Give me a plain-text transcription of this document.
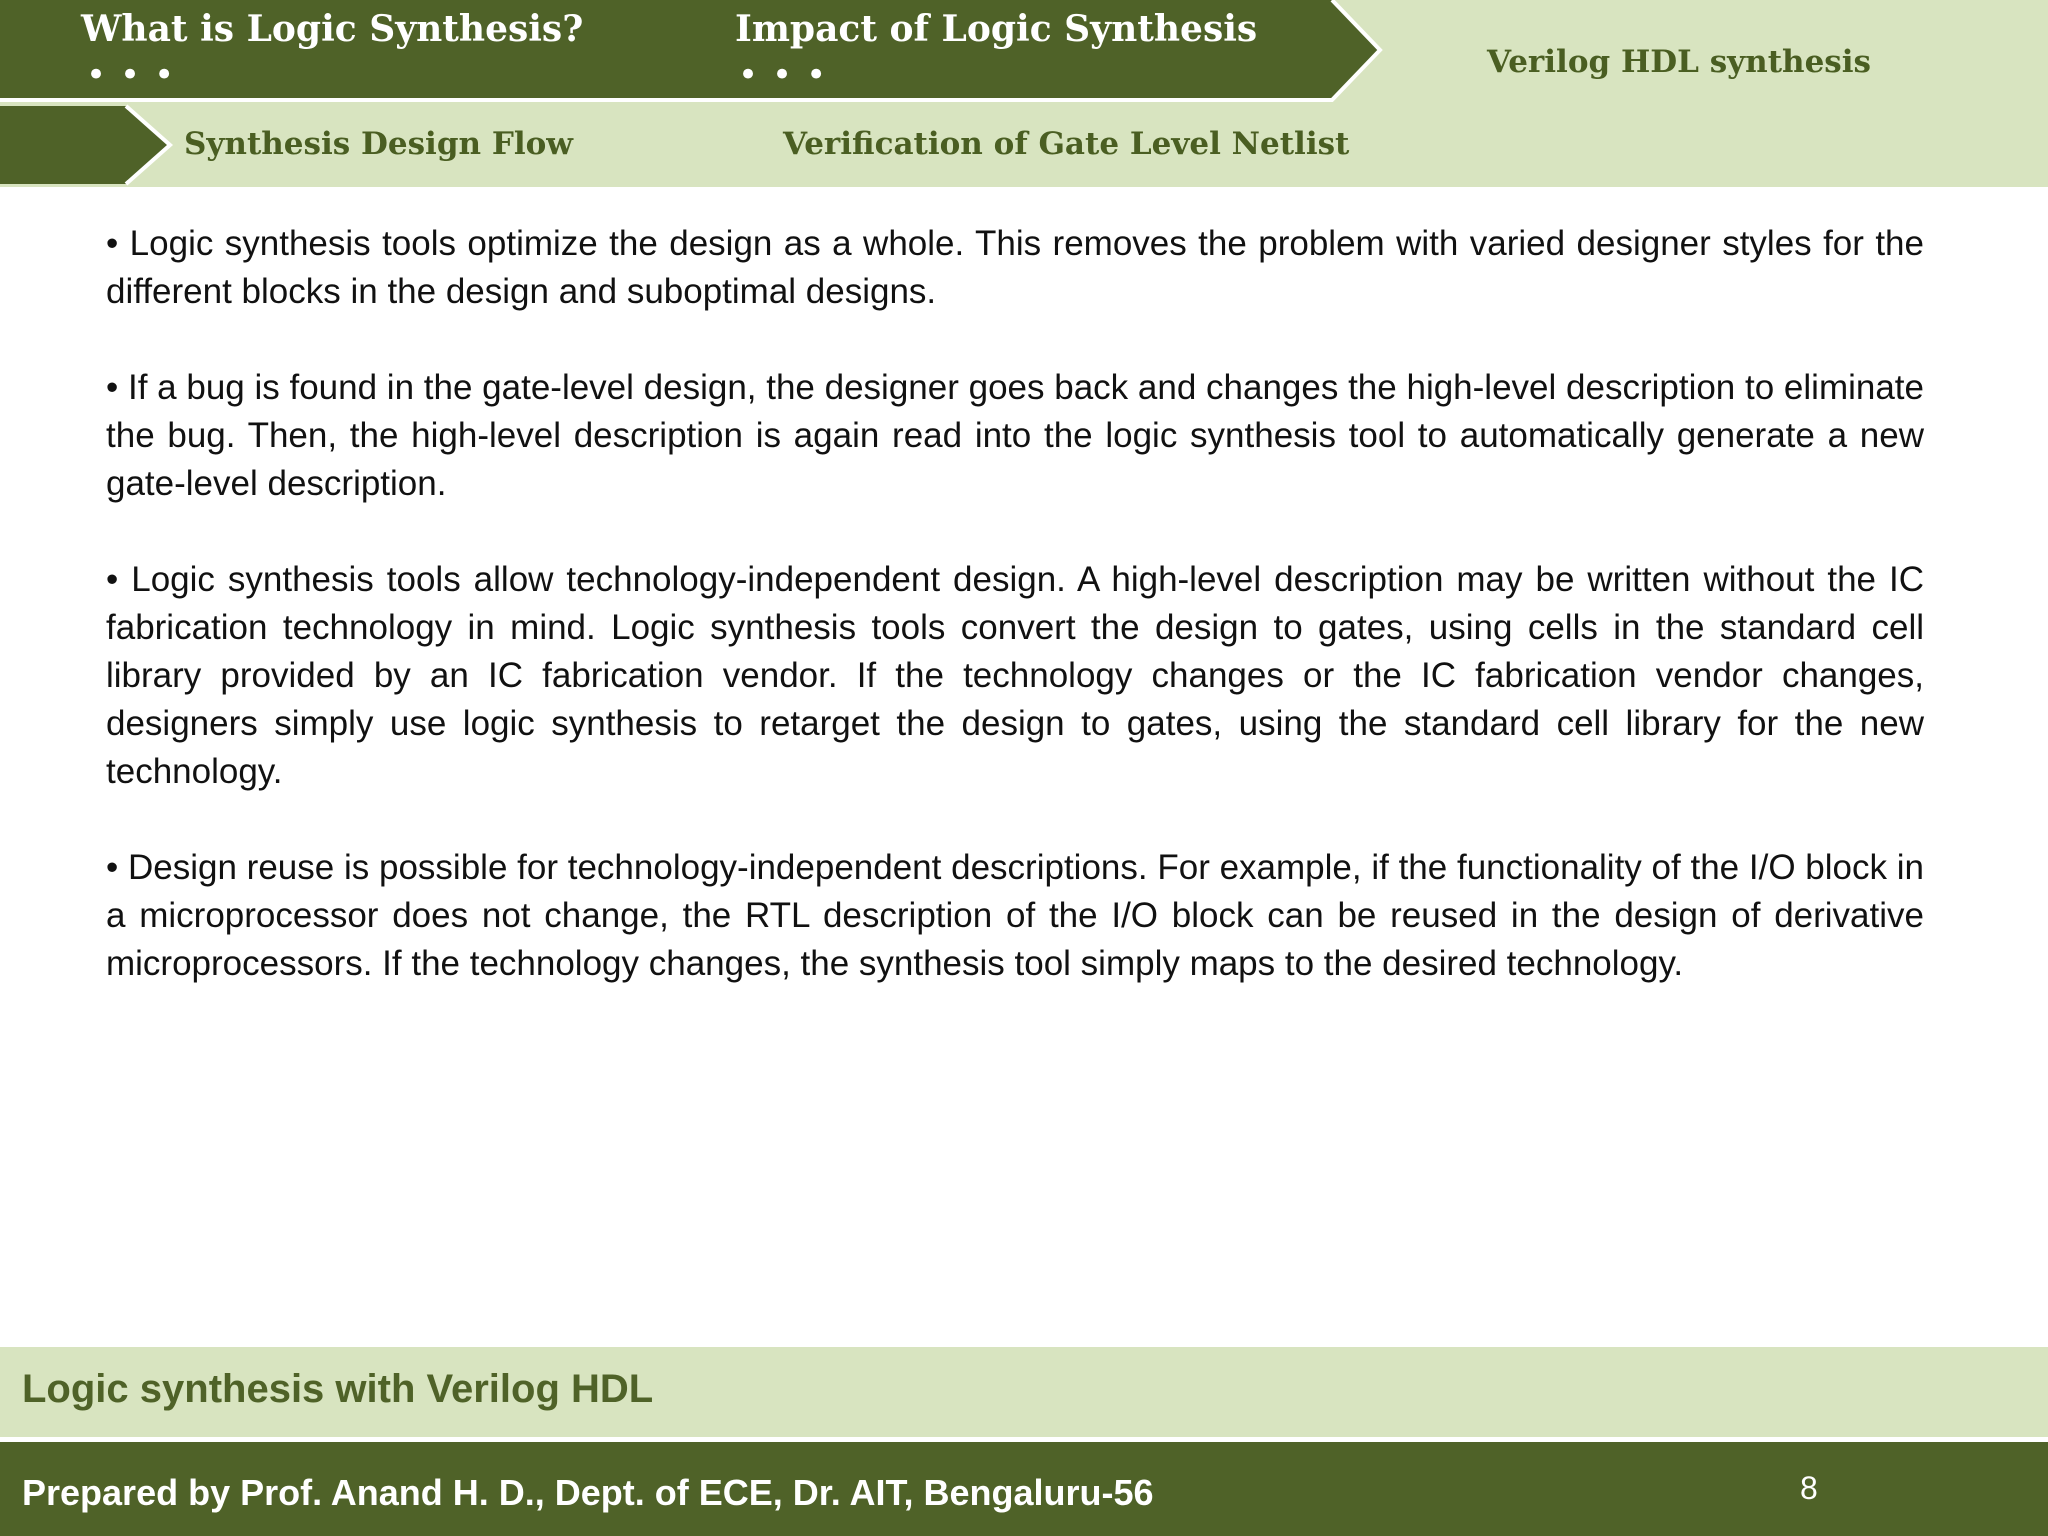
What is Logic Synthesis?
•••
Impact of Logic Synthesis
•••	Verilog HDL synthesis
Synthesis Design Flow	Verification of Gate Level Netlist

• Logic synthesis tools optimize the design as a whole. This removes the problem with varied designer styles for the different blocks in the design and suboptimal designs.

• If a bug is found in the gate-level design, the designer goes back and changes the high-level description to eliminate the bug. Then, the high-level description is again read into the logic synthesis tool to automatically generate a new gate-level description.

• Logic synthesis tools allow technology-independent design. A high-level description may be written without the IC fabrication technology in mind. Logic synthesis tools convert the design to gates, using cells in the standard cell library provided by an IC fabrication vendor. If the technology changes or the IC fabrication vendor changes, designers simply use logic synthesis to retarget the design to gates, using the standard cell library for the new technology.

• Design reuse is possible for technology-independent descriptions. For example, if the functionality of the I/O block in a microprocessor does not change, the RTL description of the I/O block can be reused in the design of derivative microprocessors. If the technology changes, the synthesis tool simply maps to the desired technology.

Logic synthesis with Verilog HDL
Prepared by Prof. Anand H. D., Dept. of ECE, Dr. AIT, Bengaluru-56	8
